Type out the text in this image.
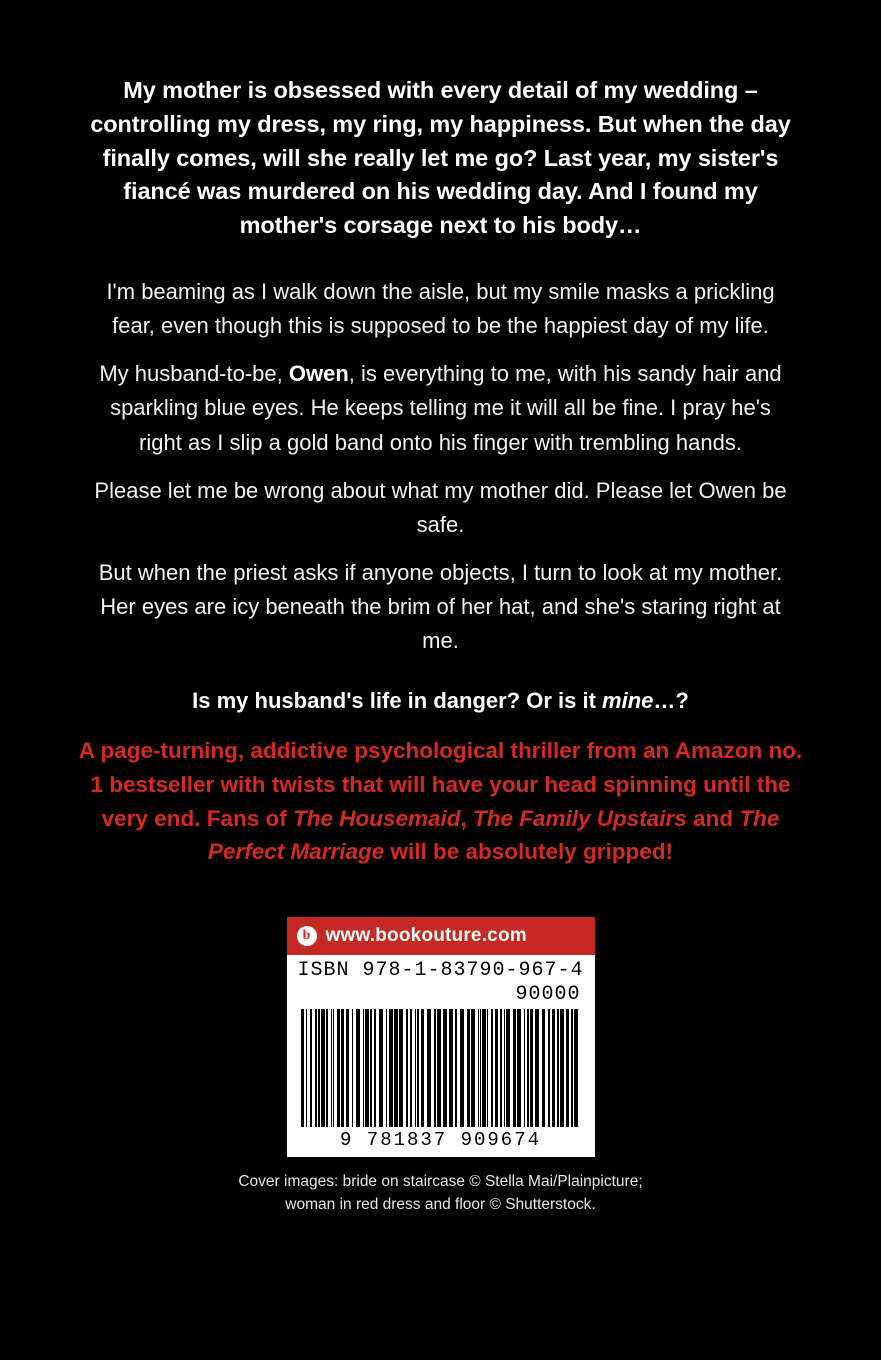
My mother is obsessed with every detail of my wedding – controlling my dress, my ring, my happiness. But when the day finally comes, will she really let me go? Last year, my sister's fiancé was murdered on his wedding day. And I found my mother's corsage next to his body…

I'm beaming as I walk down the aisle, but my smile masks a prickling fear, even though this is supposed to be the happiest day of my life.

My husband-to-be, Owen, is everything to me, with his sandy hair and sparkling blue eyes. He keeps telling me it will all be fine. I pray he's right as I slip a gold band onto his finger with trembling hands.

Please let me be wrong about what my mother did. Please let Owen be safe.

But when the priest asks if anyone objects, I turn to look at my mother. Her eyes are icy beneath the brim of her hat, and she's staring right at me.

Is my husband's life in danger? Or is it mine…?

A page-turning, addictive psychological thriller from an Amazon no. 1 bestseller with twists that will have your head spinning until the very end. Fans of The Housemaid, The Family Upstairs and The Perfect Marriage will be absolutely gripped!

b www.bookouture.com
ISBN
978-1-83790-967-4
90000
9 781837 909674
Cover images: bride on staircase © Stella Mai/Plainpicture;
woman in red dress and floor © Shutterstock.
